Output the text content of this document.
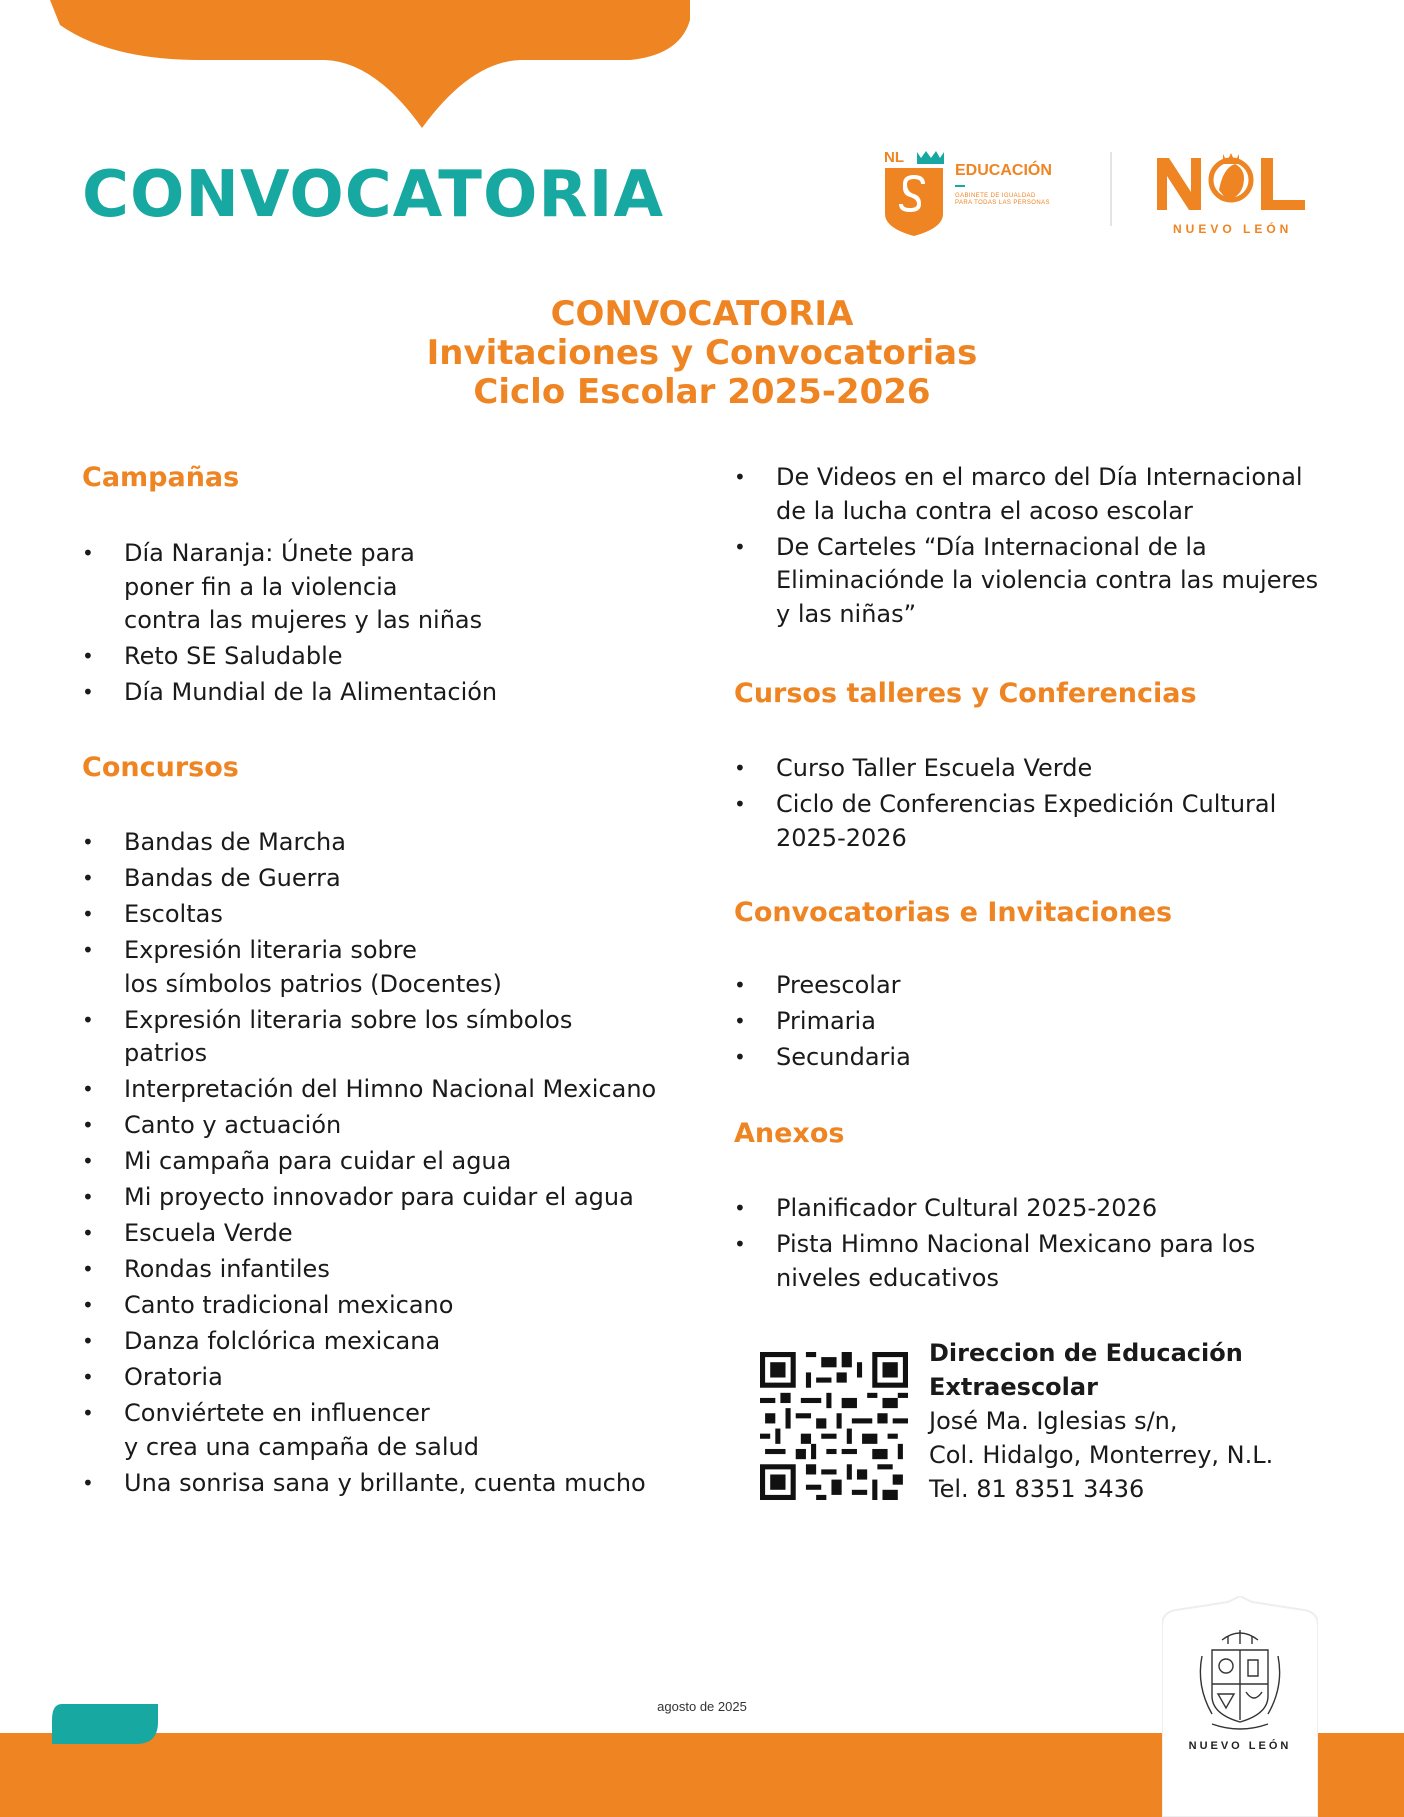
CONVOCATORIA
NL
EDUCACIÓN
GABINETE DE IGUALDAD
PARA TODAS LAS PERSONAS
NUEVO LEÓN
CONVOCATORIA
Invitaciones y Convocatorias
Ciclo Escolar 2025-2026
Campañas
• Día Naranja: Únete para
poner fin a la violencia
contra las mujeres y las niñas
• Reto SE Saludable
• Día Mundial de la Alimentación
Concursos
• Bandas de Marcha
• Bandas de Guerra
• Escoltas
• Expresión literaria sobre
los símbolos patrios (Docentes)
• Expresión literaria sobre los símbolos
patrios
• Interpretación del Himno Nacional Mexicano
• Canto y actuación
• Mi campaña para cuidar el agua
• Mi proyecto innovador para cuidar el agua
• Escuela Verde
• Rondas infantiles
• Canto tradicional mexicano
• Danza folclórica mexicana
• Oratoria
• Conviértete en influencer
y crea una campaña de salud
• Una sonrisa sana y brillante, cuenta mucho
• De Videos en el marco del Día Internacional
de la lucha contra el acoso escolar
• De Carteles “Día Internacional de la
Eliminaciónde la violencia contra las mujeres
y las niñas”
Cursos talleres y Conferencias
• Curso Taller Escuela Verde
• Ciclo de Conferencias Expedición Cultural
2025-2026
Convocatorias e Invitaciones
• Preescolar
• Primaria
• Secundaria
Anexos
• Planificador Cultural 2025-2026
• Pista Himno Nacional Mexicano para los
niveles educativos
Direccion de Educación
Extraescolar
José Ma. Iglesias s/n,
Col. Hidalgo, Monterrey, N.L.
Tel. 81 8351 3436
agosto de 2025
NUEVO LEÓN
